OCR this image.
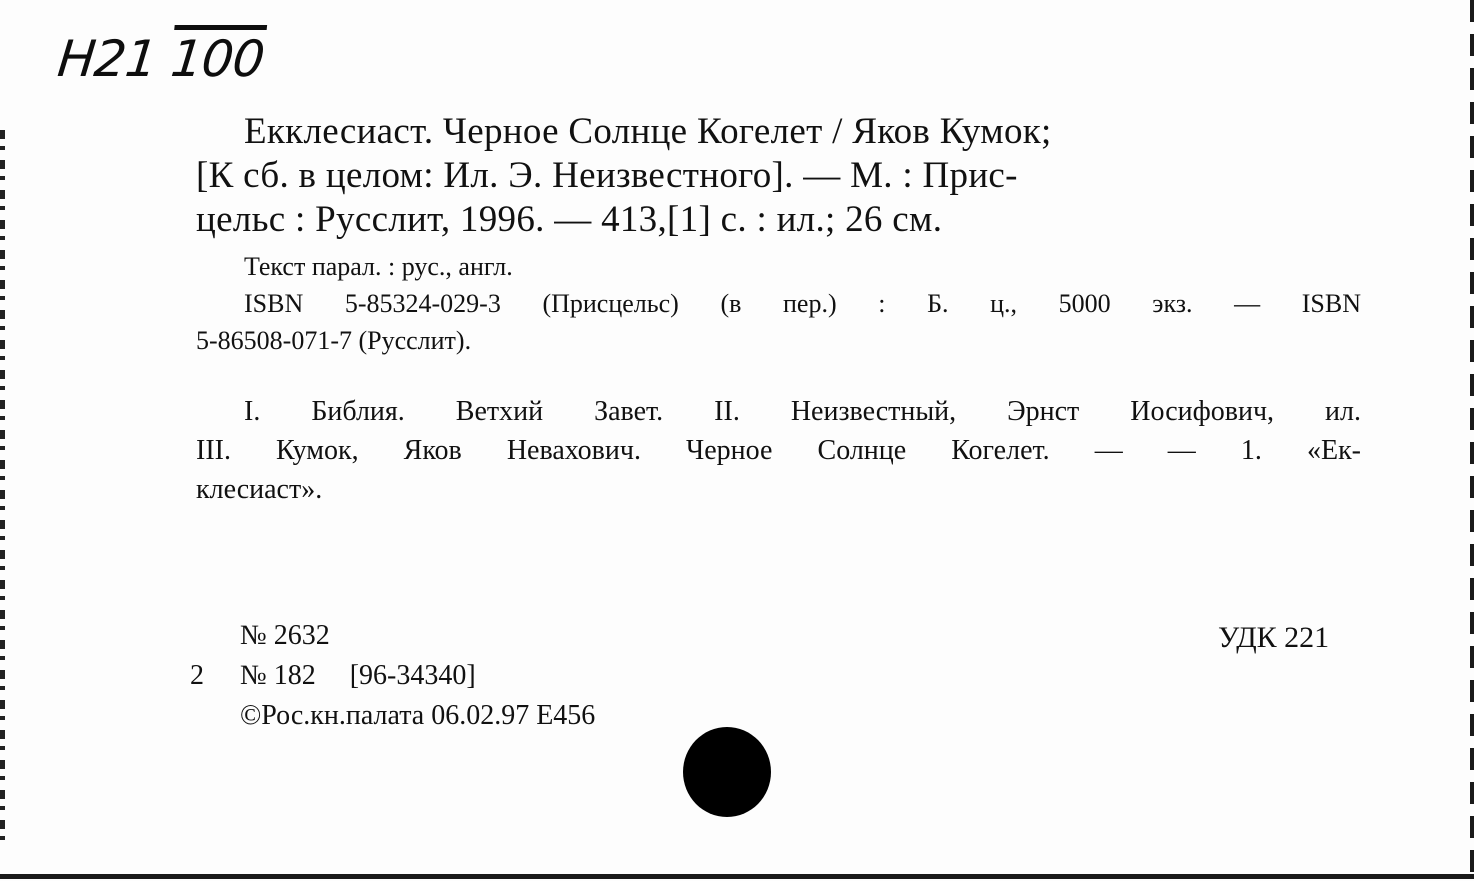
Н21 100
Екклесиаст. Черное Солнце Когелет / Яков Кумок;
[К сб. в целом: Ил. Э. Неизвестного]. — М. : Прис-
цельс : Русслит, 1996. — 413,[1] с. : ил.; 26 см.
Текст парал. : рус., англ.
ISBN 5-85324-029-3 (Присцельс) (в пер.) : Б. ц., 5000 экз. — ISBN
5-86508-071-7 (Русслит).
I. Библия. Ветхий Завет. II. Неизвестный, Эрнст Иосифович, ил.
III. Кумок, Яков Невахович. Черное Солнце Когелет. — — 1. «Ек-
клесиаст».
№ 2632
2	№ 182 [96-34340]
©Рос.кн.палата 06.02.97 Е456
УДК 221
